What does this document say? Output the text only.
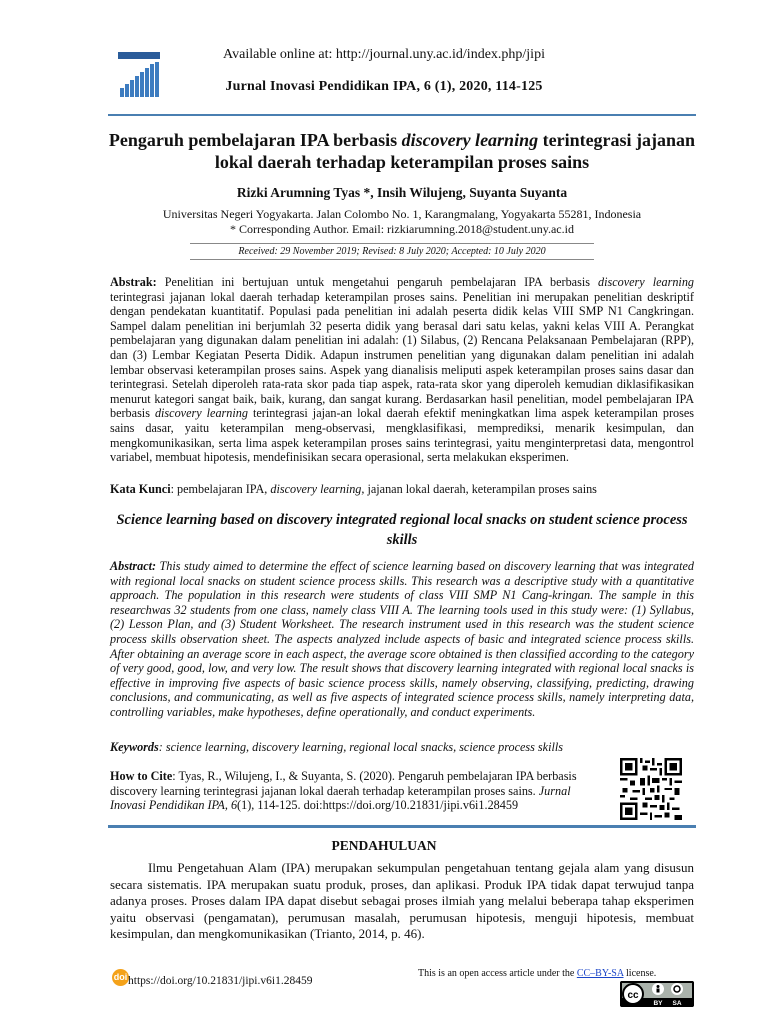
Available online at: http://journal.uny.ac.id/index.php/jipi
Jurnal Inovasi Pendidikan IPA, 6 (1), 2020, 114-125
Pengaruh pembelajaran IPA berbasis discovery learning terintegrasi jajanan lokal daerah terhadap keterampilan proses sains
Rizki Arumning Tyas *, Insih Wilujeng, Suyanta Suyanta
Universitas Negeri Yogyakarta. Jalan Colombo No. 1, Karangmalang, Yogyakarta 55281, Indonesia
* Corresponding Author. Email: rizkiarumning.2018@student.uny.ac.id
Received: 29 November 2019; Revised: 8 July 2020; Accepted: 10 July 2020
Abstrak: Penelitian ini bertujuan untuk mengetahui pengaruh pembelajaran IPA berbasis discovery learning terintegrasi jajanan lokal daerah terhadap keterampilan proses sains. Penelitian ini merupakan penelitian deskriptif dengan pendekatan kuantitatif. Populasi pada penelitian ini adalah peserta didik kelas VIII SMP N1 Cangkringan. Sampel dalam penelitian ini berjumlah 32 peserta didik yang berasal dari satu kelas, yakni kelas VIII A. Perangkat pembelajaran yang digunakan dalam penelitian ini adalah: (1) Silabus, (2) Rencana Pelaksanaan Pembelajaran (RPP), dan (3) Lembar Kegiatan Peserta Didik. Adapun instrumen penelitian yang digunakan dalam penelitian ini adalah lembar observasi keterampilan proses sains. Aspek yang dianalisis meliputi aspek keterampilan proses sains dasar dan terintegrasi. Setelah diperoleh rata-rata skor pada tiap aspek, rata-rata skor yang diperoleh kemudian diklasifikasikan menurut kategori sangat baik, baik, kurang, dan sangat kurang. Berdasarkan hasil penelitian, model pembelajaran IPA berbasis discovery learning terintegrasi jajan-an lokal daerah efektif meningkatkan lima aspek keterampilan proses sains dasar, yaitu keterampilan meng-observasi, mengklasifikasi, memprediksi, menarik kesimpulan, dan mengkomunikasikan, serta lima aspek keterampilan proses sains terintegrasi, yaitu menginterpretasi data, mengontrol variabel, membuat hipotesis, mendefinisikan secara operasional, serta melakukan eksperimen.
Kata Kunci: pembelajaran IPA, discovery learning, jajanan lokal daerah, keterampilan proses sains
Science learning based on discovery integrated regional local snacks on student science process skills
Abstract: This study aimed to determine the effect of science learning based on discovery learning that was integrated with regional local snacks on student science process skills. This research was a descriptive study with a quantitative approach. The population in this research were students of class VIII SMP N1 Cang-kringan. The sample in this researchwas 32 students from one class, namely class VIII A. The learning tools used in this study were: (1) Syllabus, (2) Lesson Plan, and (3) Student Worksheet. The research instrument used in this research was the student science process skills observation sheet. The aspects analyzed include aspects of basic and integrated science process skills. After obtaining an average score in each aspect, the average score obtained is then classified according to the category of very good, good, low, and very low. The result shows that discovery learning integrated with regional local snacks is effective in improving five aspects of basic science process skills, namely observing, classifying, predicting, drawing conclusions, and communicating, as well as five aspects of integrated science process skills, namely interpreting data, controlling variables, make hypotheses, define operationally, and conduct experiments.
Keywords: science learning, discovery learning, regional local snacks, science process skills
How to Cite: Tyas, R., Wilujeng, I., & Suyanta, S. (2020). Pengaruh pembelajaran IPA berbasis discovery learning terintegrasi jajanan lokal daerah terhadap keterampilan proses sains. Jurnal Inovasi Pendidikan IPA, 6(1), 114-125. doi:https://doi.org/10.21831/jipi.v6i1.28459
PENDAHULUAN
Ilmu Pengetahuan Alam (IPA) merupakan sekumpulan pengetahuan tentang gejala alam yang disusun secara sistematis. IPA merupakan suatu produk, proses, dan aplikasi. Produk IPA tidak dapat terwujud tanpa adanya proses. Proses dalam IPA dapat disebut sebagai proses ilmiah yang melalui beberapa tahap eksperimen yaitu observasi (pengamatan), perumusan masalah, perumusan hipotesis, menguji hipotesis, membuat kesimpulan, dan mengkomunikasikan (Trianto, 2014, p. 46).
doi https://doi.org/10.21831/jipi.v6i1.28459
This is an open access article under the CC–BY-SA license.
cc
BY SA
